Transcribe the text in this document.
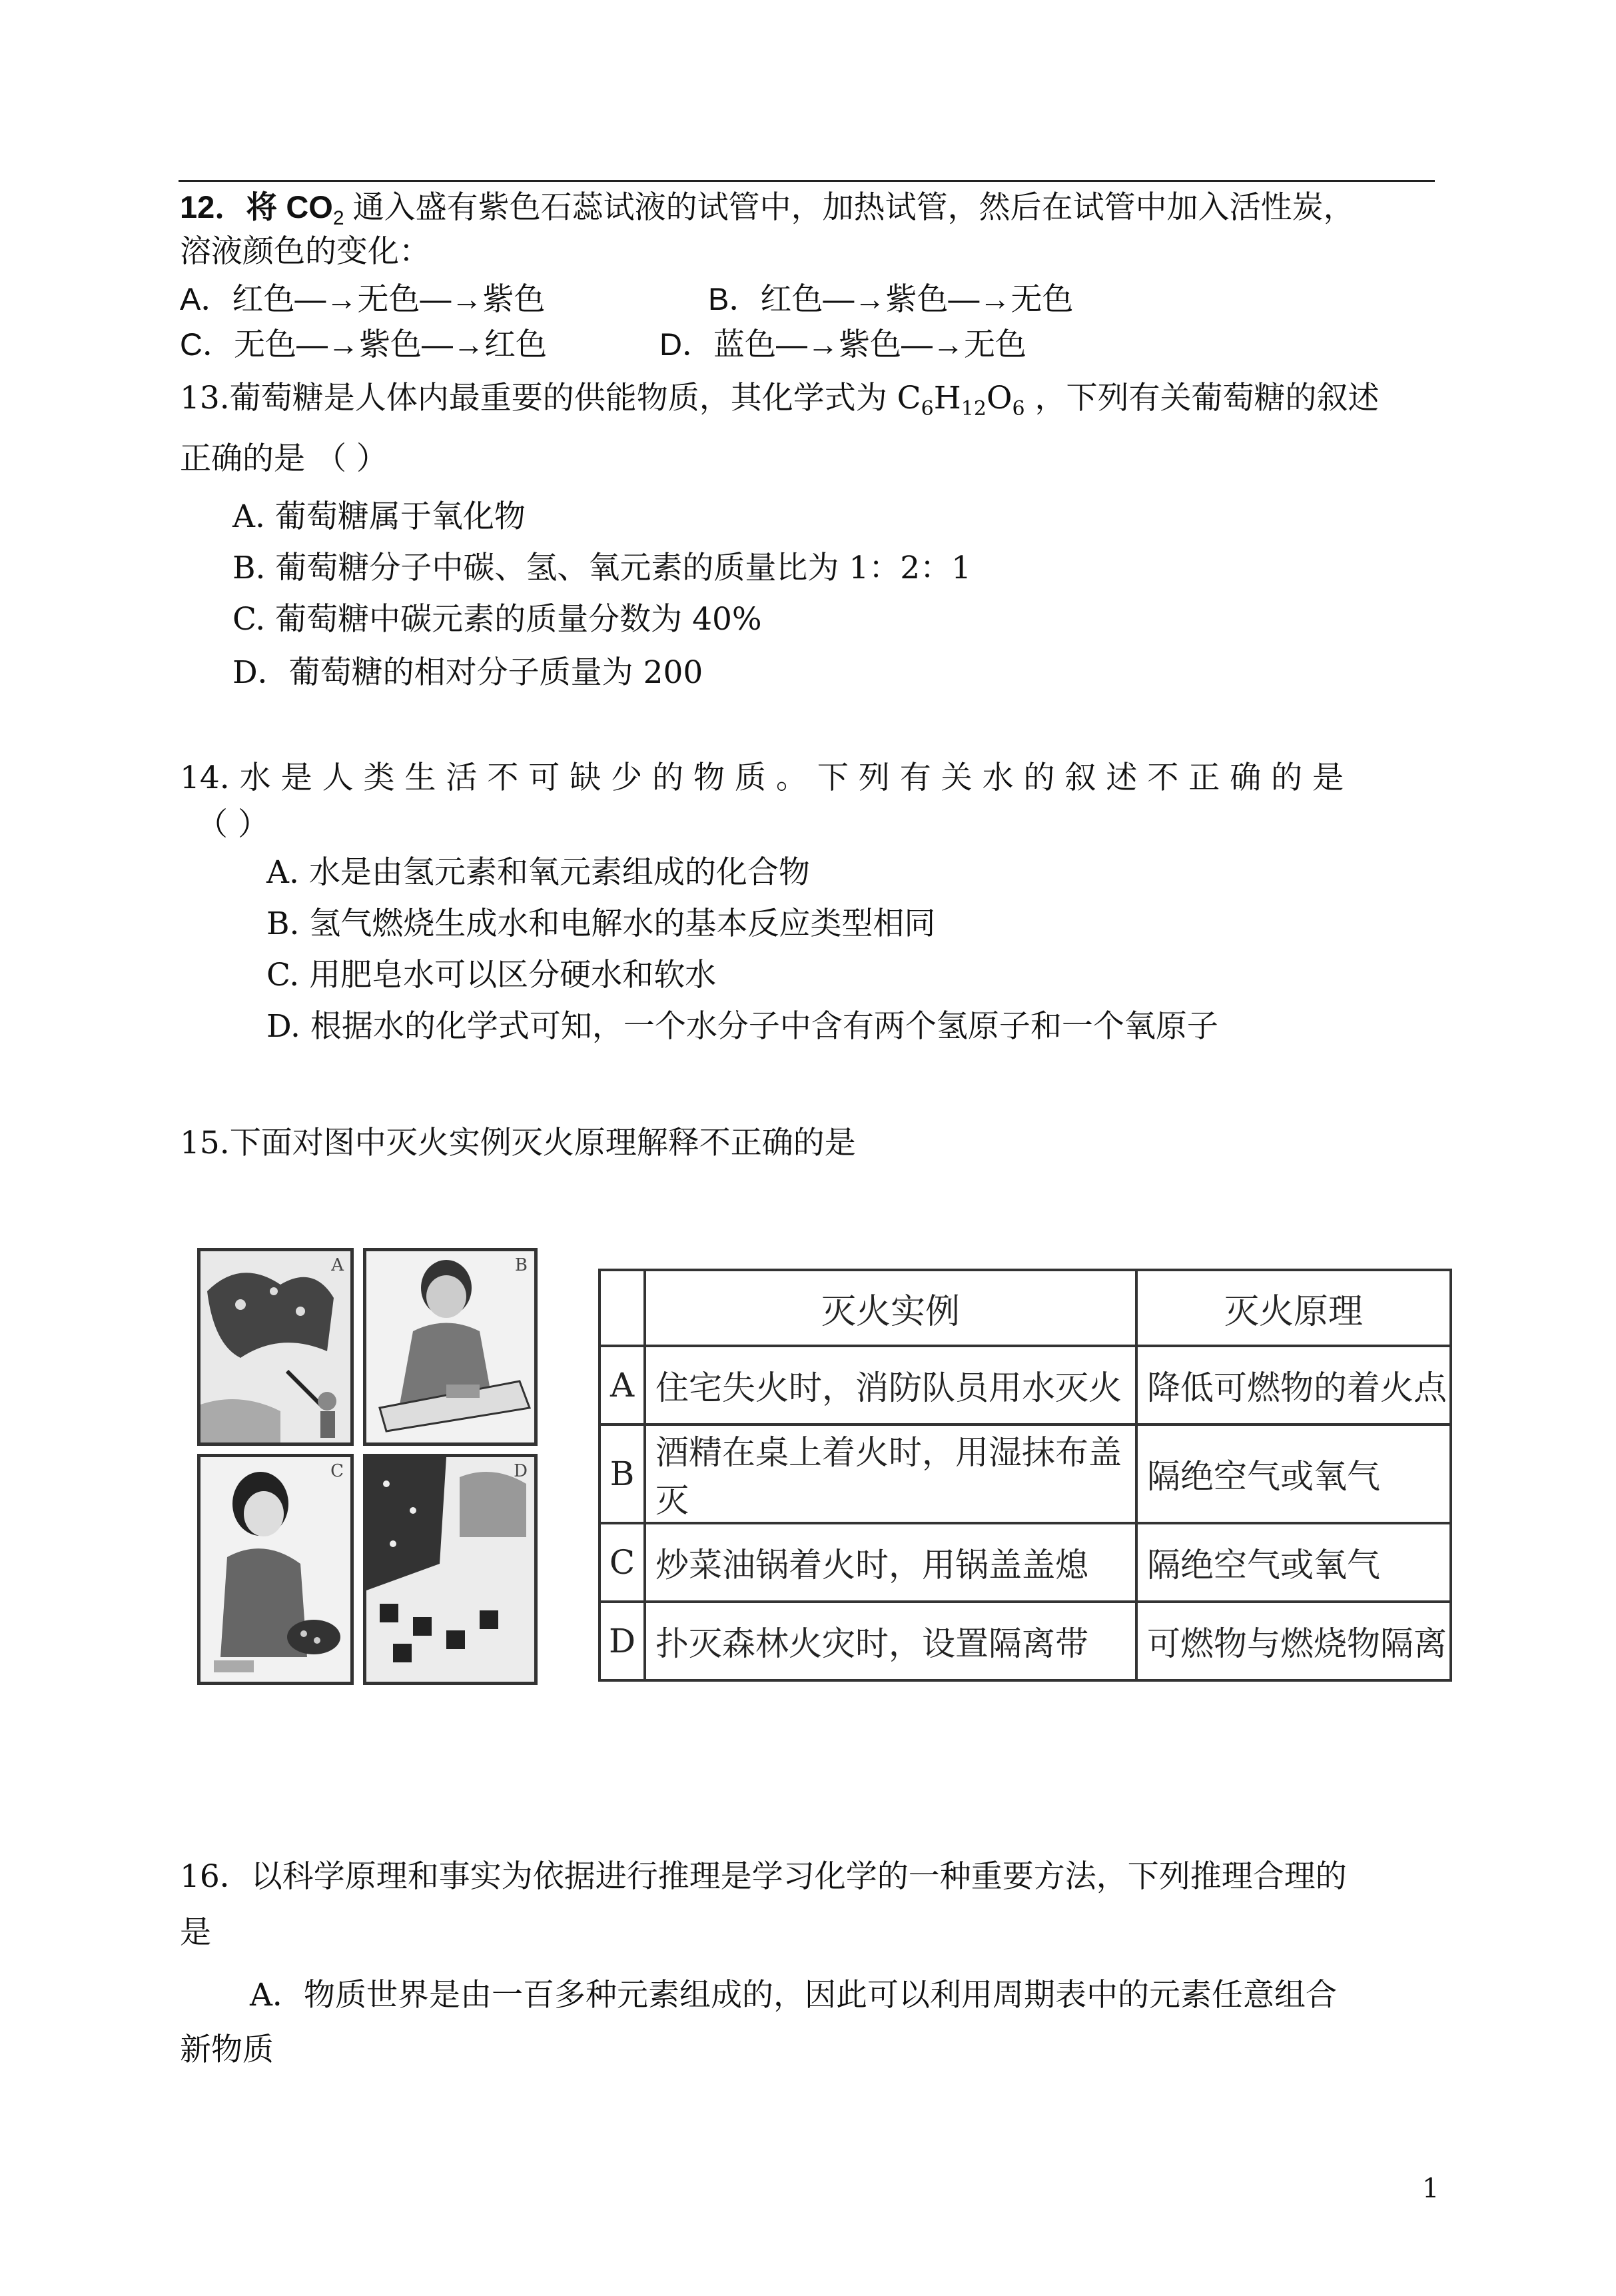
12．将 $CO_2$ 通入盛有紫色石蕊试液的试管中，加热试管，然后在试管中加入活性炭，
溶液颜色的变化：
A．红色—→无色—→紫色	B．红色—→紫色—→无色
C．无色—→紫色—→红色	D．蓝色—→紫色—→无色
13.葡萄糖是人体内最重要的供能物质，其化学式为 $C_6H_{12}O_6$ ，下列有关葡萄糖的叙述
正确的是 （ ）
A. 葡萄糖属于氧化物
B. 葡萄糖分子中碳、氢、氧元素的质量比为 1：2：1
C. 葡萄糖中碳元素的质量分数为 40%
D．葡萄糖的相对分子质量为 200
14. 水 是 人 类 生 活 不 可 缺 少 的 物 质 。 下 列 有 关 水 的 叙 述 不 正 确 的 是
（ ）
A. 水是由氢元素和氧元素组成的化合物
B. 氢气燃烧生成水和电解水的基本反应类型相同
C. 用肥皂水可以区分硬水和软水
D. 根据水的化学式可知，一个水分子中含有两个氢原子和一个氧原子
15.下面对图中灭火实例灭火原理解释不正确的是
A	B
C	D
	灭火实例	灭火原理
A	住宅失火时，消防队员用水灭火	降低可燃物的着火点
B	酒精在桌上着火时，用湿抹布盖灭	隔绝空气或氧气
C	炒菜油锅着火时，用锅盖盖熄	隔绝空气或氧气
D	扑灭森林火灾时，设置隔离带	可燃物与燃烧物隔离
16．以科学原理和事实为依据进行推理是学习化学的一种重要方法，下列推理合理的
是
A．物质世界是由一百多种元素组成的，因此可以利用周期表中的元素任意组合
新物质
1
